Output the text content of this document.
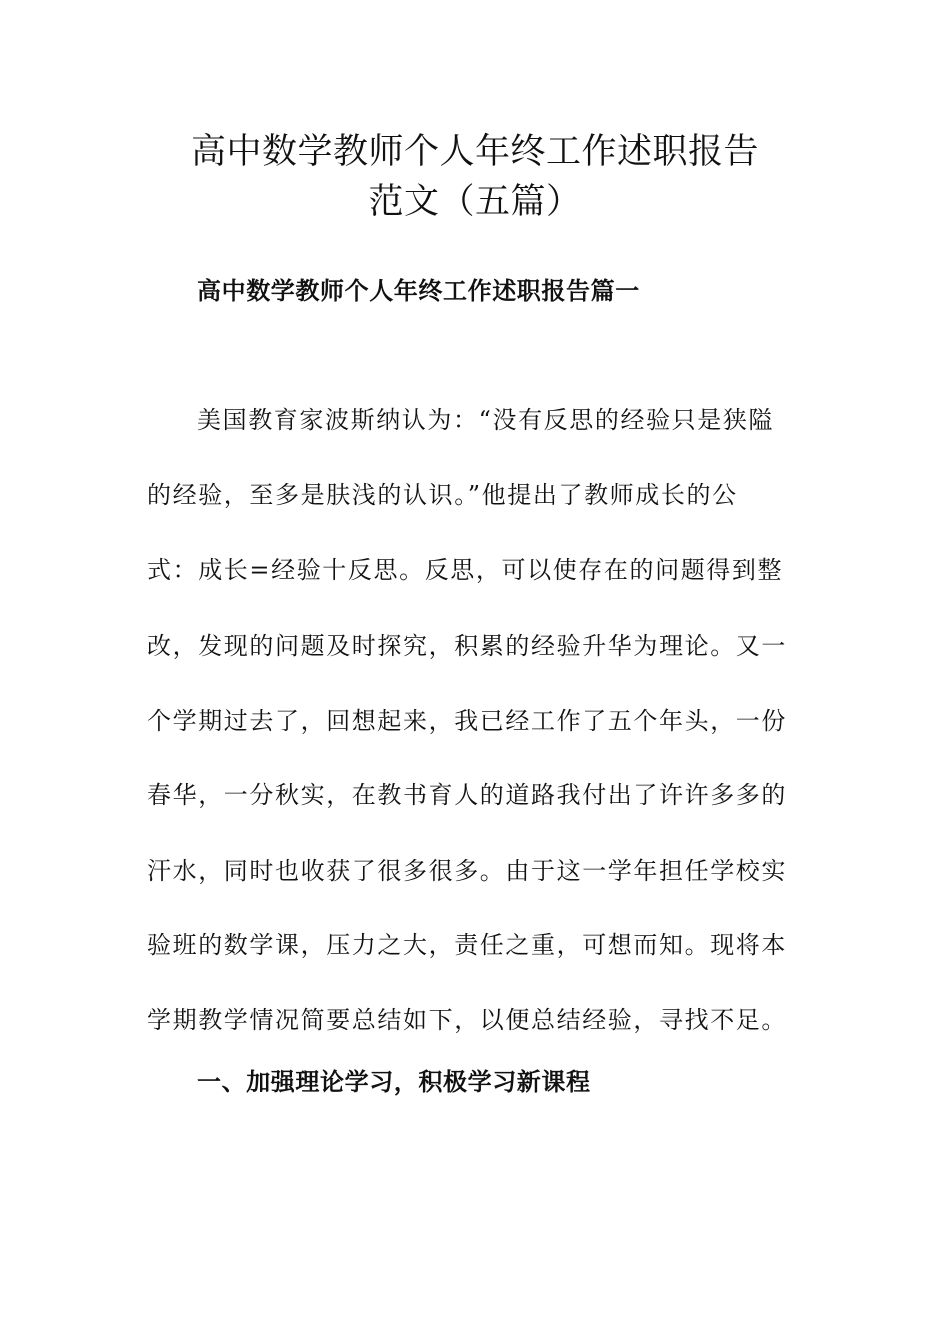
高中数学教师个人年终工作述职报告
范文（五篇）
高中数学教师个人年终工作述职报告篇一
美国教育家波斯纳认为：“没有反思的经验只是狭隘
的经验，至多是肤浅的认识。”他提出了教师成长的公
式：成长=经验十反思。反思，可以使存在的问题得到整
改，发现的问题及时探究，积累的经验升华为理论。又一
个学期过去了，回想起来，我已经工作了五个年头，一份
春华，一分秋实，在教书育人的道路我付出了许许多多的
汗水，同时也收获了很多很多。由于这一学年担任学校实
验班的数学课，压力之大，责任之重，可想而知。现将本
学期教学情况简要总结如下，以便总结经验，寻找不足。
一、加强理论学习，积极学习新课程
